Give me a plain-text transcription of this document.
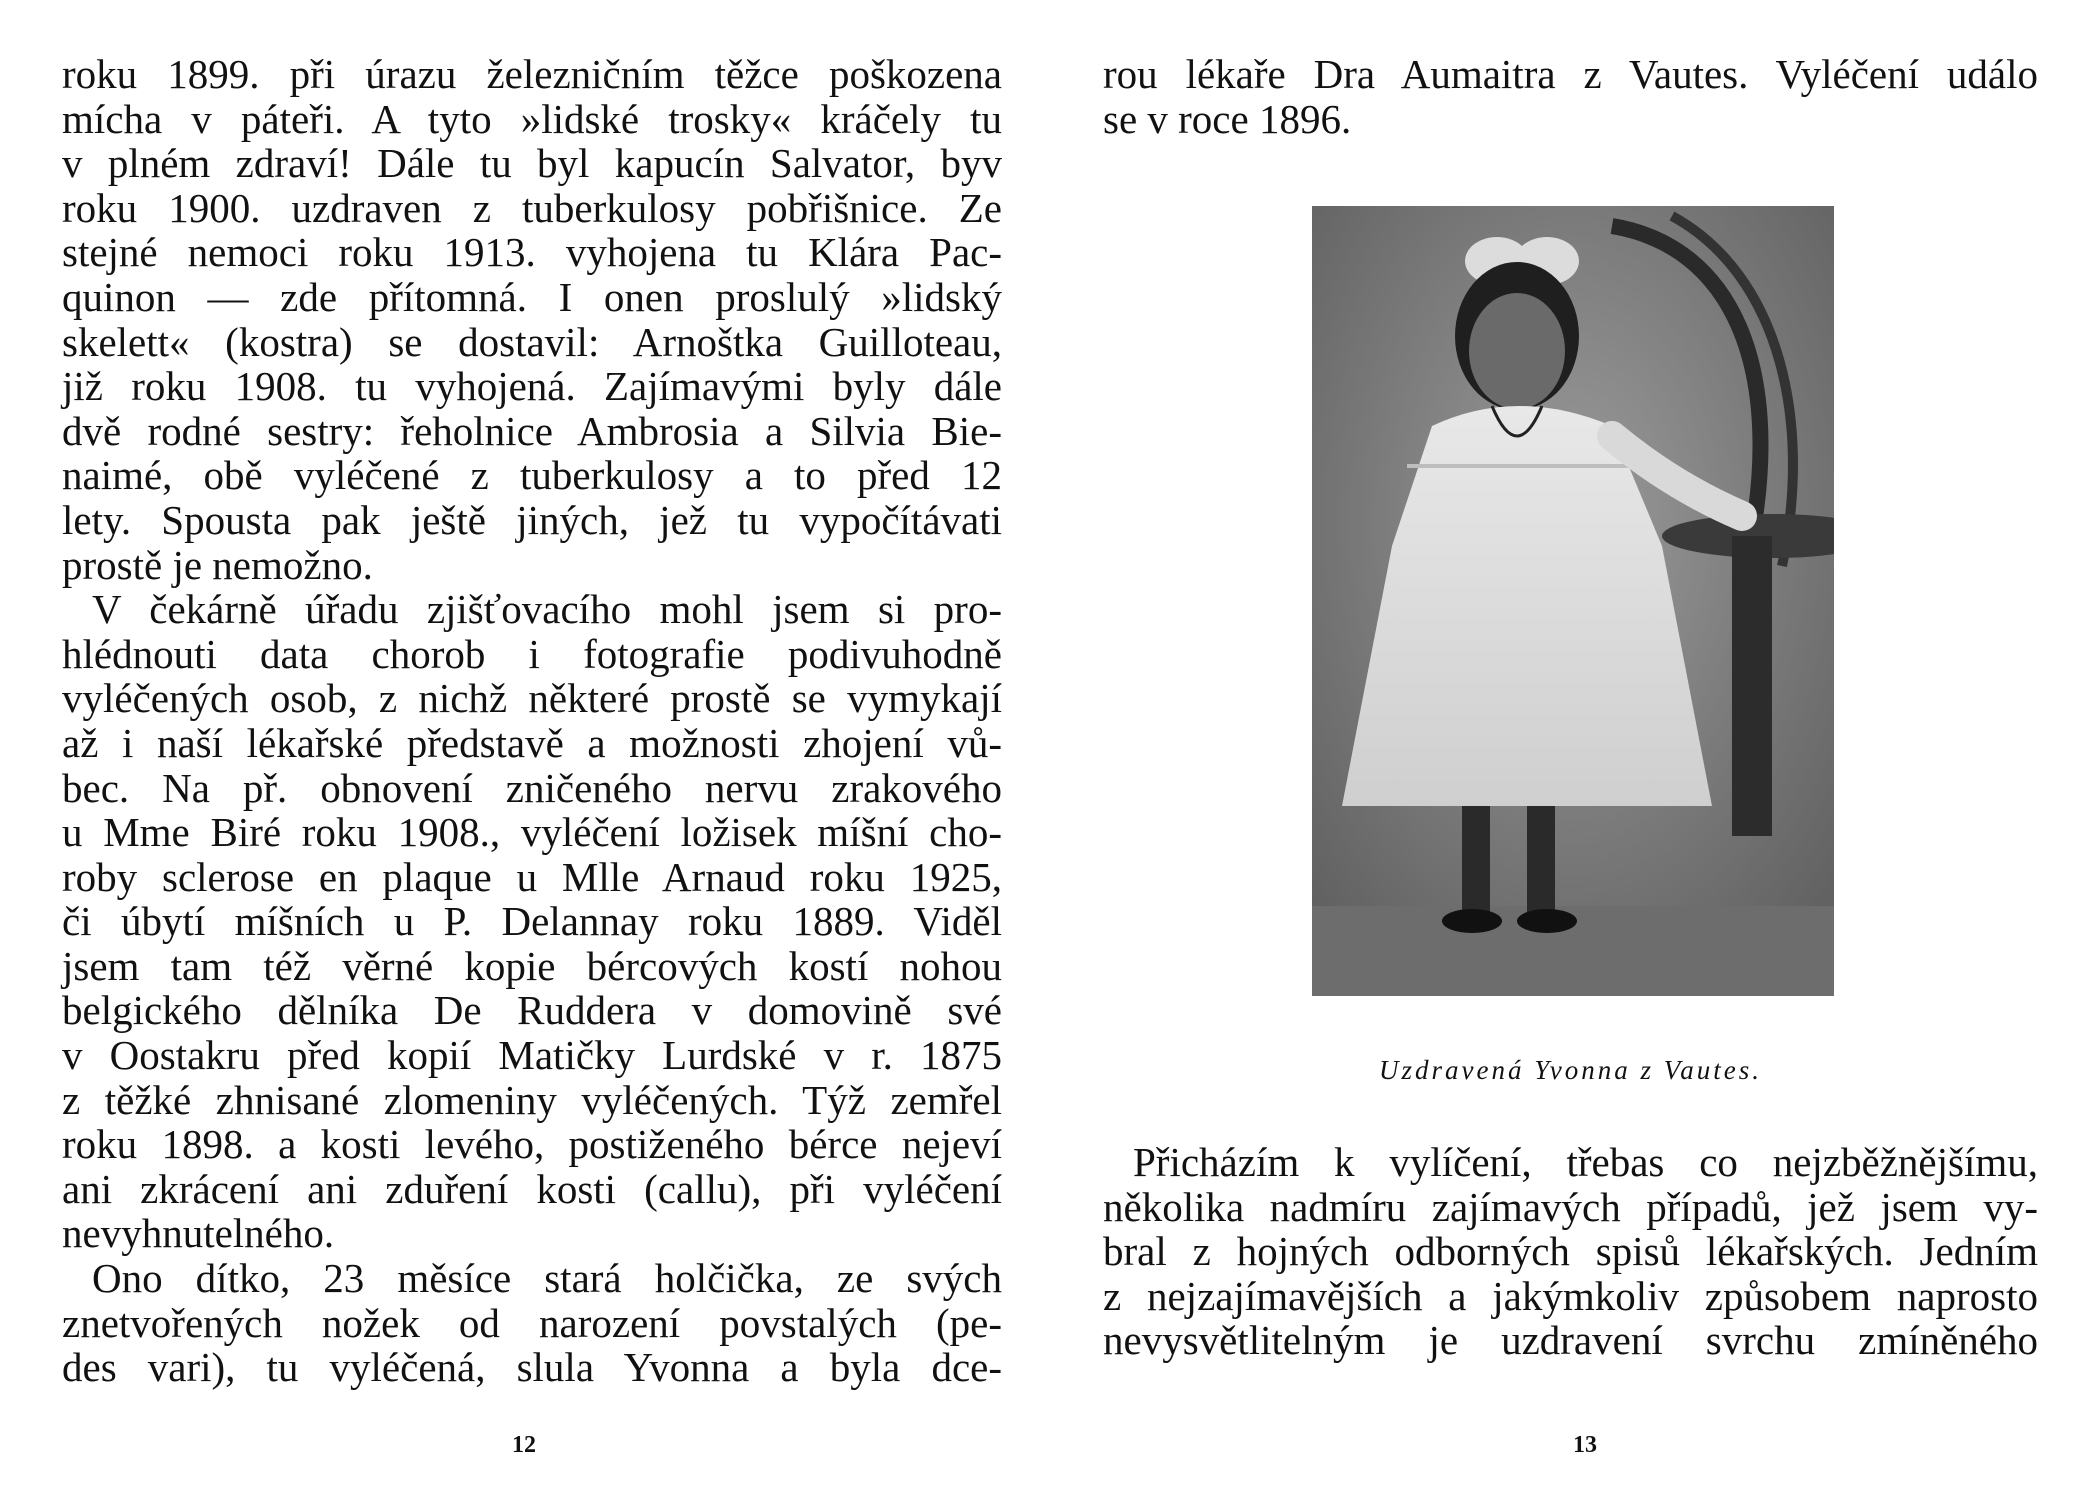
roku 1899. při úrazu železničním těžce poškozena
mícha v páteři. A tyto »lidské trosky« kráčely tu
v plném zdraví! Dále tu byl kapucín Salvator, byv
roku 1900. uzdraven z tuberkulosy pobřišnice. Ze
stejné nemoci roku 1913. vyhojena tu Klára Pac-
quinon — zde přítomná. I onen proslulý »lidský
skelett« (kostra) se dostavil: Arnoštka Guilloteau,
již roku 1908. tu vyhojená. Zajímavými byly dále
dvě rodné sestry: řeholnice Ambrosia a Silvia Bie-
naimé, obě vyléčené z tuberkulosy a to před 12
lety. Spousta pak ještě jiných, jež tu vypočítávati
prostě je nemožno.
V čekárně úřadu zjišťovacího mohl jsem si pro-
hlédnouti data chorob i fotografie podivuhodně
vyléčených osob, z nichž některé prostě se vymykají
až i naší lékařské představě a možnosti zhojení vů-
bec. Na př. obnovení zničeného nervu zrakového
u Mme Biré roku 1908., vyléčení ložisek míšní cho-
roby sclerose en plaque u Mlle Arnaud roku 1925,
či úbytí míšních u P. Delannay roku 1889. Viděl
jsem tam též věrné kopie bércových kostí nohou
belgického dělníka De Ruddera v domovině své
v Oostakru před kopií Matičky Lurdské v r. 1875
z těžké zhnisané zlomeniny vyléčených. Týž zemřel
roku 1898. a kosti levého, postiženého bérce nejeví
ani zkrácení ani zduření kosti (callu), při vyléčení
nevyhnutelného.
Ono dítko, 23 měsíce stará holčička, ze svých
znetvořených nožek od narození povstalých (pe-
des vari), tu vyléčená, slula Yvonna a byla dce-
12
rou lékaře Dra Aumaitra z Vautes. Vyléčení událo
se v roce 1896.
Uzdravená Yvonna z Vautes.
Přicházím k vylíčení, třebas co nejzběžnějšímu,
několika nadmíru zajímavých případů, jež jsem vy-
bral z hojných odborných spisů lékařských. Jedním
z nejzajímavějších a jakýmkoliv způsobem naprosto
nevysvětlitelným je uzdravení svrchu zmíněného
13
